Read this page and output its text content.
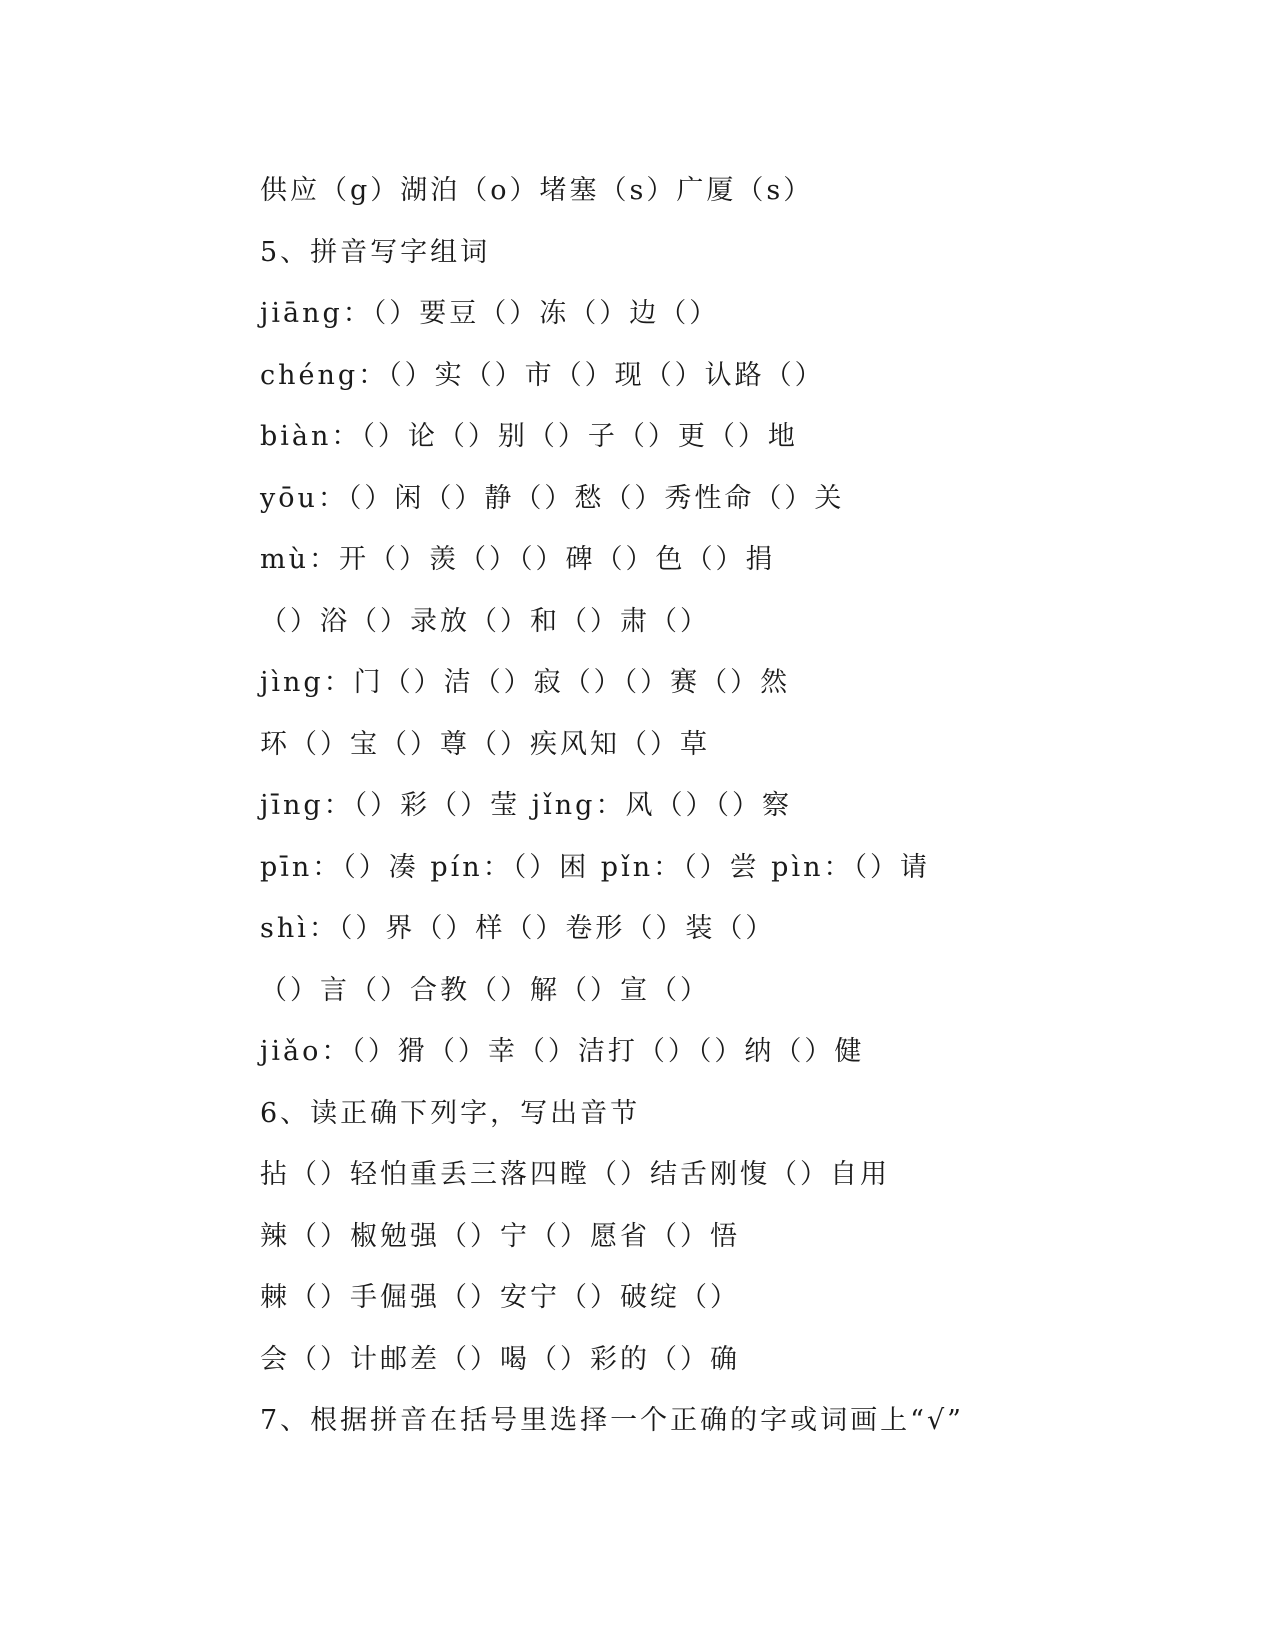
供应（g）湖泊（o）堵塞（s）广厦（s）
5、拼音写字组词
jiāng：（）要豆（）冻（）边（）
chéng：（）实（）市（）现（）认路（）
biàn：（）论（）别（）子（）更（）地
yōu：（）闲（）静（）愁（）秀性命（）关
mù：开（）羡（）（）碑（）色（）捐
（）浴（）录放（）和（）肃（）
jìng：门（）洁（）寂（）（）赛（）然
环（）宝（）尊（）疾风知（）草
jīng：（）彩（）莹 jǐng：风（）（）察
pīn：（）凑 pín：（）困 pǐn：（）尝 pìn：（）请
shì：（）界（）样（）卷形（）装（）
（）言（）合教（）解（）宣（）
jiǎo：（）猾（）幸（）洁打（）（）纳（）健
6、读正确下列字，写出音节
拈（）轻怕重丢三落四瞠（）结舌刚愎（）自用
辣（）椒勉强（）宁（）愿省（）悟
棘（）手倔强（）安宁（）破绽（）
会（）计邮差（）喝（）彩的（）确
7、根据拼音在括号里选择一个正确的字或词画上“√”
